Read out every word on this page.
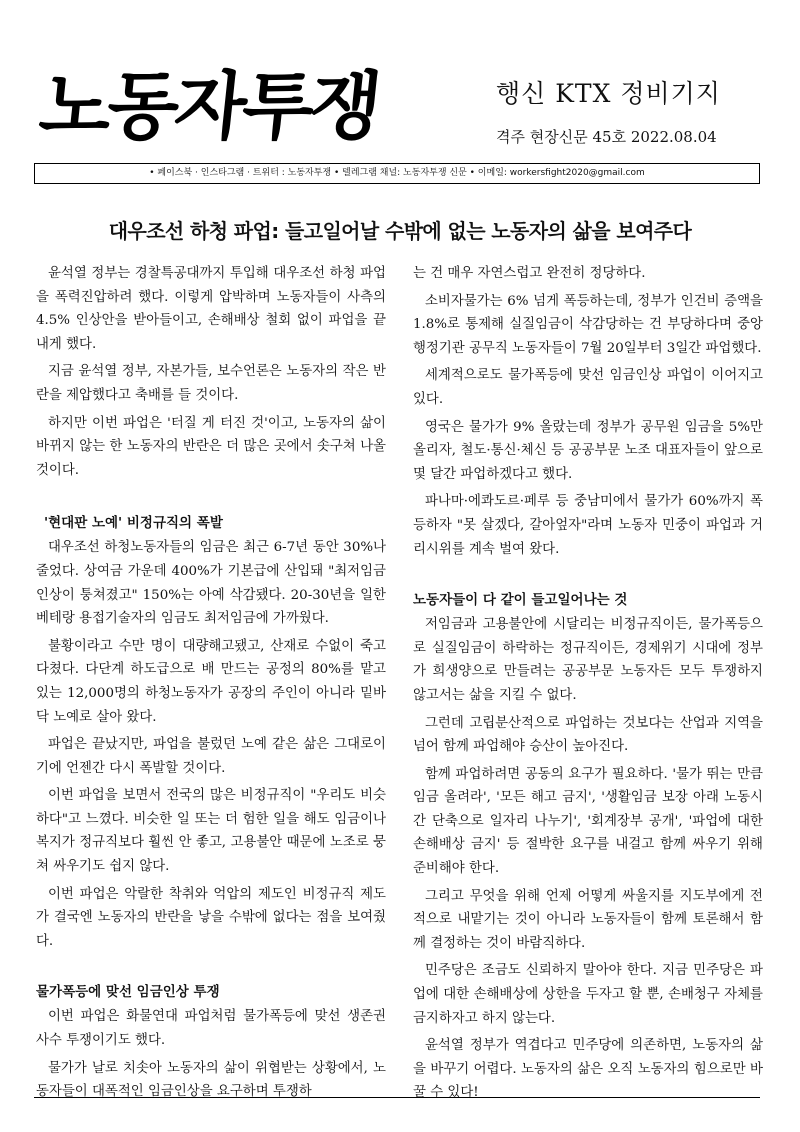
노동자투쟁	행신 KTX 정비기지
격주 현장신문 45호 2022.08.04
• 페이스북 · 인스타그램 · 트위터 : 노동자투쟁 • 텔레그램 채널: 노동자투쟁 신문 • 이메일: workersfight2020@gmail.com
대우조선 하청 파업: 들고일어날 수밖에 없는 노동자의 삶을 보여주다

윤석열 정부는 경찰특공대까지 투입해 대우조선 하청 파업을 폭력진압하려 했다. 이렇게 압박하며 노동자들이 사측의 4.5% 인상안을 받아들이고, 손해배상 철회 없이 파업을 끝내게 했다.

지금 윤석열 정부, 자본가들, 보수언론은 노동자의 작은 반란을 제압했다고 축배를 들 것이다.

하지만 이번 파업은 '터질 게 터진 것'이고, 노동자의 삶이 바뀌지 않는 한 노동자의 반란은 더 많은 곳에서 솟구쳐 나올 것이다.

'현대판 노예' 비정규직의 폭발

대우조선 하청노동자들의 임금은 최근 6-7년 동안 30%나 줄었다. 상여금 가운데 400%가 기본급에 산입돼 "최저임금 인상이 퉁쳐졌고" 150%는 아예 삭감됐다. 20-30년을 일한 베테랑 용접기술자의 임금도 최저임금에 가까웠다.

불황이라고 수만 명이 대량해고됐고, 산재로 수없이 죽고 다쳤다. 다단계 하도급으로 배 만드는 공정의 80%를 맡고 있는 12,000명의 하청노동자가 공장의 주인이 아니라 밑바닥 노예로 살아 왔다.

파업은 끝났지만, 파업을 불렀던 노예 같은 삶은 그대로이기에 언젠간 다시 폭발할 것이다.

이번 파업을 보면서 전국의 많은 비정규직이 "우리도 비슷하다"고 느꼈다. 비슷한 일 또는 더 험한 일을 해도 임금이나 복지가 정규직보다 훨씬 안 좋고, 고용불안 때문에 노조로 뭉쳐 싸우기도 쉽지 않다.

이번 파업은 악랄한 착취와 억압의 제도인 비정규직 제도가 결국엔 노동자의 반란을 낳을 수밖에 없다는 점을 보여줬다.

물가폭등에 맞선 임금인상 투쟁

이번 파업은 화물연대 파업처럼 물가폭등에 맞선 생존권 사수 투쟁이기도 했다.

물가가 날로 치솟아 노동자의 삶이 위협받는 상황에서, 노동자들이 대폭적인 임금인상을 요구하며 투쟁하

는 건 매우 자연스럽고 완전히 정당하다.

소비자물가는 6% 넘게 폭등하는데, 정부가 인건비 증액을 1.8%로 통제해 실질임금이 삭감당하는 건 부당하다며 중앙행정기관 공무직 노동자들이 7월 20일부터 3일간 파업했다.

세계적으로도 물가폭등에 맞선 임금인상 파업이 이어지고 있다.

영국은 물가가 9% 올랐는데 정부가 공무원 임금을 5%만 올리자, 철도·통신·체신 등 공공부문 노조 대표자들이 앞으로 몇 달간 파업하겠다고 했다.

파나마·에콰도르·페루 등 중남미에서 물가가 60%까지 폭등하자 "못 살겠다, 갈아엎자"라며 노동자 민중이 파업과 거리시위를 계속 벌여 왔다.

노동자들이 다 같이 들고일어나는 것

저임금과 고용불안에 시달리는 비정규직이든, 물가폭등으로 실질임금이 하락하는 정규직이든, 경제위기 시대에 정부가 희생양으로 만들려는 공공부문 노동자든 모두 투쟁하지 않고서는 삶을 지킬 수 없다.

그런데 고립분산적으로 파업하는 것보다는 산업과 지역을 넘어 함께 파업해야 승산이 높아진다.

함께 파업하려면 공동의 요구가 필요하다. '물가 뛰는 만큼 임금 올려라', '모든 해고 금지', '생활임금 보장 아래 노동시간 단축으로 일자리 나누기', '회계장부 공개', '파업에 대한 손해배상 금지' 등 절박한 요구를 내걸고 함께 싸우기 위해 준비해야 한다.

그리고 무엇을 위해 언제 어떻게 싸울지를 지도부에게 전적으로 내맡기는 것이 아니라 노동자들이 함께 토론해서 함께 결정하는 것이 바람직하다.

민주당은 조금도 신뢰하지 말아야 한다. 지금 민주당은 파업에 대한 손해배상에 상한을 두자고 할 뿐, 손배청구 자체를 금지하자고 하지 않는다.

윤석열 정부가 역겹다고 민주당에 의존하면, 노동자의 삶을 바꾸기 어렵다. 노동자의 삶은 오직 노동자의 힘으로만 바꿀 수 있다!
